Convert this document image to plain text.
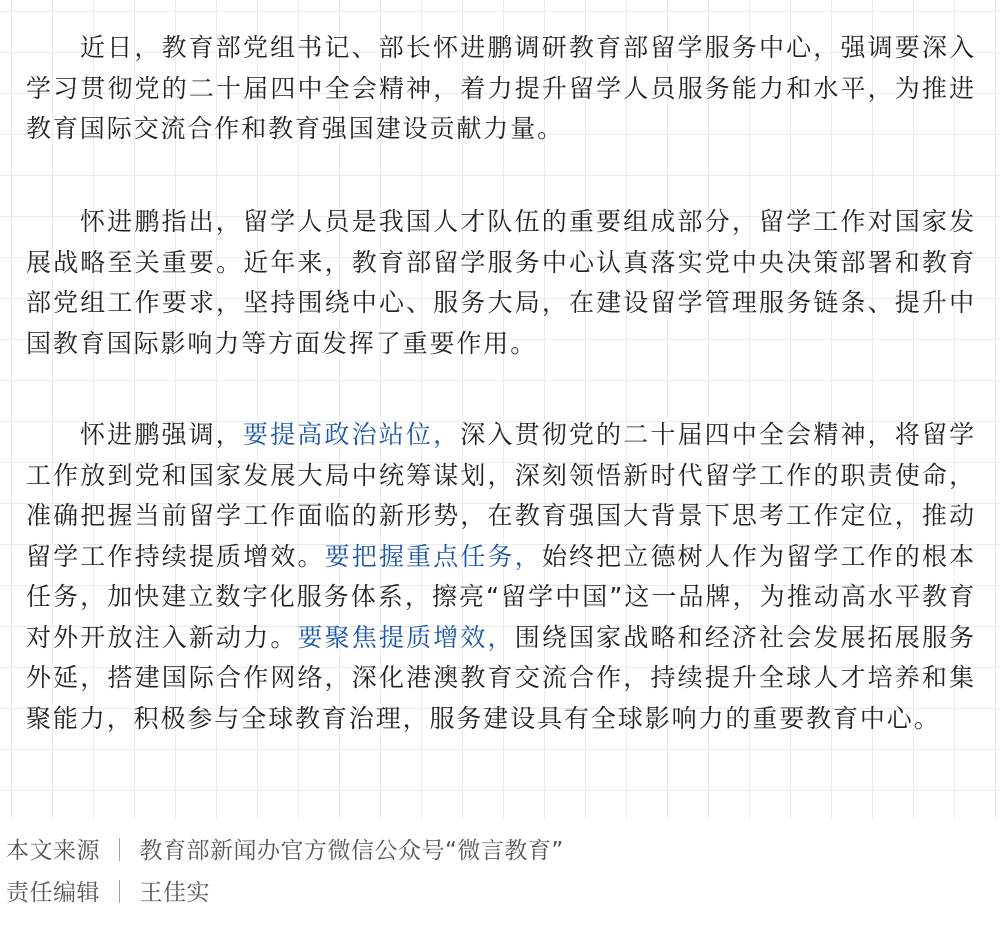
近日，教育部党组书记、部长怀进鹏调研教育部留学服务中心，强调要深入学习贯彻党的二十届四中全会精神，着力提升留学人员服务能力和水平，为推进教育国际交流合作和教育强国建设贡献力量。

怀进鹏指出，留学人员是我国人才队伍的重要组成部分，留学工作对国家发展战略至关重要。近年来，教育部留学服务中心认真落实党中央决策部署和教育部党组工作要求，坚持围绕中心、服务大局，在建设留学管理服务链条、提升中国教育国际影响力等方面发挥了重要作用。

怀进鹏强调，要提高政治站位，深入贯彻党的二十届四中全会精神，将留学工作放到党和国家发展大局中统筹谋划，深刻领悟新时代留学工作的职责使命，准确把握当前留学工作面临的新形势，在教育强国大背景下思考工作定位，推动留学工作持续提质增效。要把握重点任务，始终把立德树人作为留学工作的根本任务，加快建立数字化服务体系，擦亮“留学中国”这一品牌，为推动高水平教育对外开放注入新动力。要聚焦提质增效，围绕国家战略和经济社会发展拓展服务外延，搭建国际合作网络，深化港澳教育交流合作，持续提升全球人才培养和集聚能力，积极参与全球教育治理，服务建设具有全球影响力的重要教育中心。

本文来源 ｜ 教育部新闻办官方微信公众号“微言教育”
责任编辑 ｜ 王佳实
